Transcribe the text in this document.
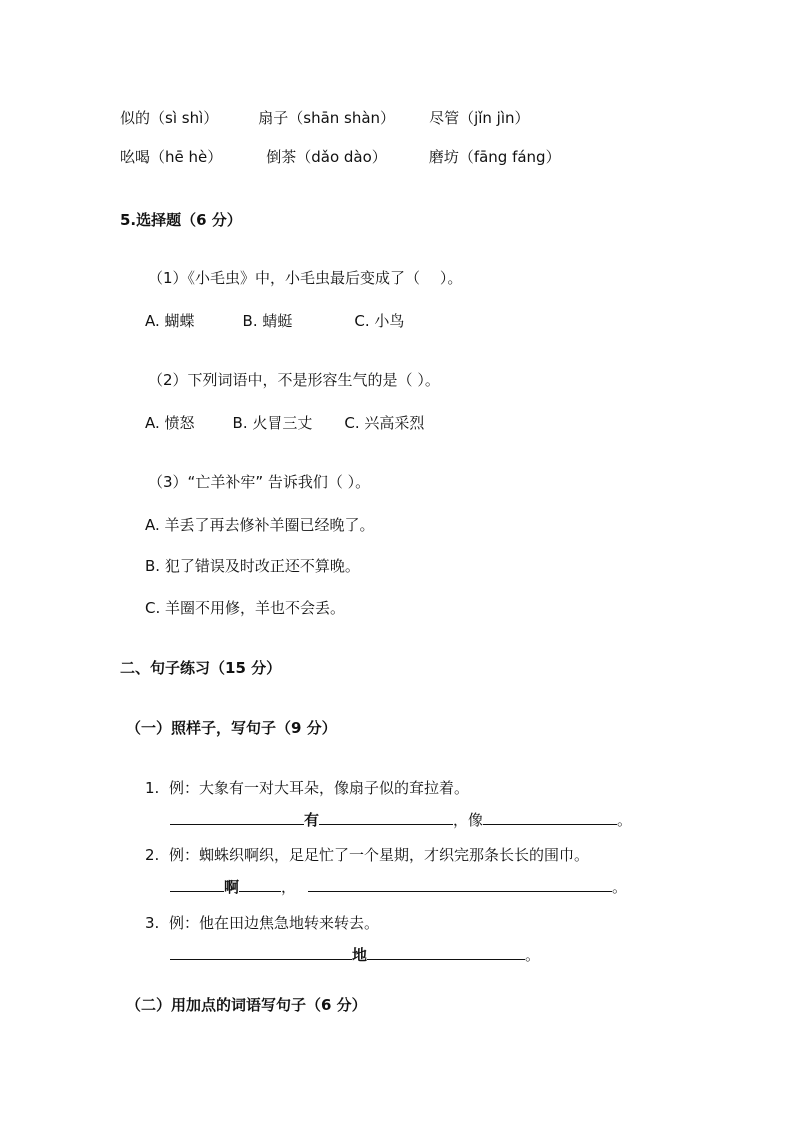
似的（sì shì）	扇子（shān shàn） 尽管（jǐn jìn）
吆喝（hē hè）	倒茶（dǎo dào）	磨坊（fāng fáng）
5.选择题（6 分）
（1）《小毛虫》中，小毛虫最后变成了（　 ）。
A. 蝴蝶	B. 蜻蜓	C. 小鸟
（2）下列词语中，不是形容生气的是（ ）。
A. 愤怒	B. 火冒三丈 C. 兴高采烈
（3）“亡羊补牢” 告诉我们（ ）。
A. 羊丢了再去修补羊圈已经晚了。
B. 犯了错误及时改正还不算晚。
C. 羊圈不用修，羊也不会丢。
二、句子练习（15 分）
（一）照样子，写句子（9 分）
1. 例：大象有一对大耳朵，像扇子似的耷拉着。
有	，像	。
2. 例：蜘蛛织啊织，足足忙了一个星期，才织完那条长长的围巾。
啊	，	。
3. 例：他在田边焦急地转来转去。
地	。
（二）用加点的词语写句子（6 分）
